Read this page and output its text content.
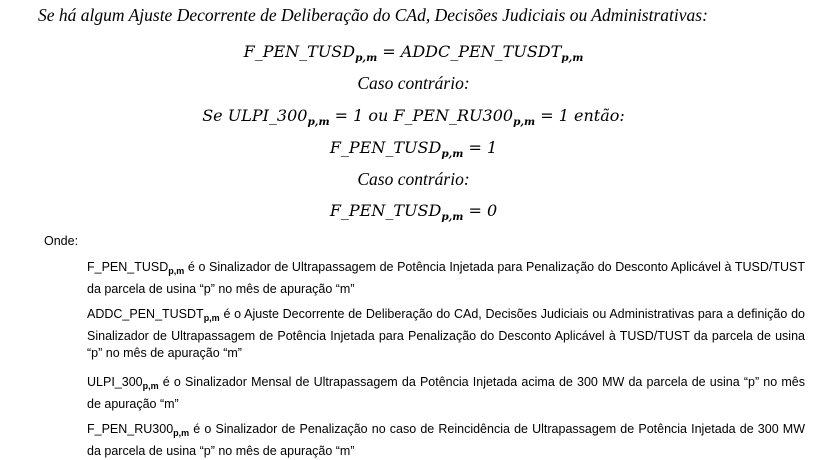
Se há algum Ajuste Decorrente de Deliberação do CAd, Decisões Judiciais ou Administrativas:
$F\_PEN\_TUSD_{p,m}$ = $ADDC\_PEN\_TUSDT_{p,m}$
Caso contrário:
Se $ULPI\_300_{p,m} = 1$ ou $F\_PEN\_RU300_{p,m} = 1$ então:
$F\_PEN\_TUSD_{p,m} = 1$
Caso contrário:
$F\_PEN\_TUSD_{p,m} = 0$
Onde:
$F\_PEN\_TUSD_{p,m}$ é o Sinalizador de Ultrapassagem de Potência Injetada para Penalização do Desconto Aplicável à TUSD/TUST da parcela de usina “p” no mês de apuração “m”
$ADDC\_PEN\_TUSDT_{p,m}$ é o Ajuste Decorrente de Deliberação do CAd, Decisões Judiciais ou Administrativas para a definição do Sinalizador de Ultrapassagem de Potência Injetada para Penalização do Desconto Aplicável à TUSD/TUST da parcela de usina “p” no mês de apuração “m”
$ULPI\_300_{p,m}$ é o Sinalizador Mensal de Ultrapassagem da Potência Injetada acima de 300 MW da parcela de usina “p” no mês de apuração “m”
$F\_PEN\_RU300_{p,m}$ é o Sinalizador de Penalização no caso de Reincidência de Ultrapassagem de Potência Injetada de 300 MW da parcela de usina “p” no mês de apuração “m”
